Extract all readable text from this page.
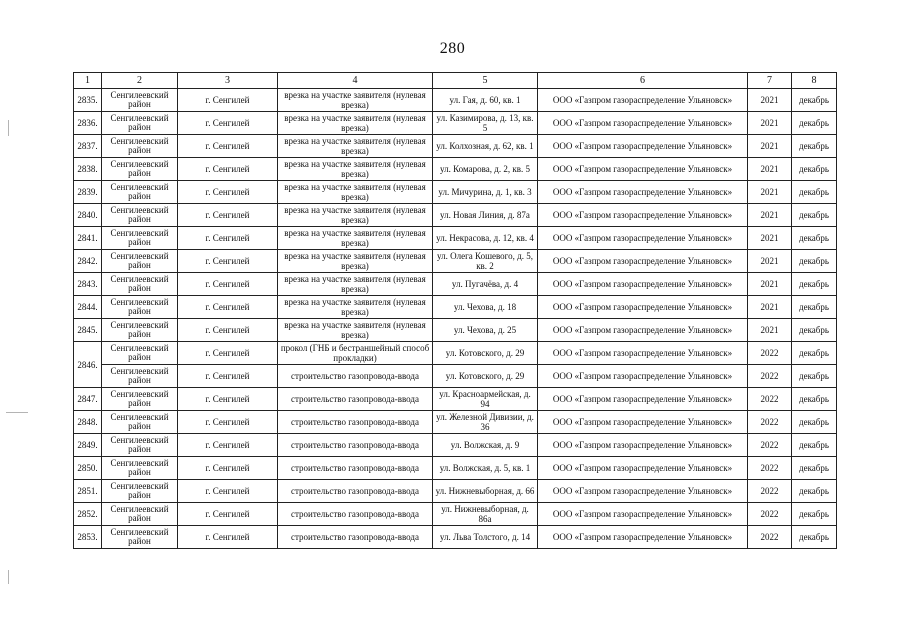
280
1	2	3	4	5	6	7	8
2835.	Сенгилеевский район	г. Сенгилей	врезка на участке заявителя (нулевая врезка)	ул. Гая, д. 60, кв. 1	ООО «Газпром газораспределение Ульяновск»	2021	декабрь
2836.	Сенгилеевский район	г. Сенгилей	врезка на участке заявителя (нулевая врезка)	ул. Казимирова, д. 13, кв. 5	ООО «Газпром газораспределение Ульяновск»	2021	декабрь
2837.	Сенгилеевский район	г. Сенгилей	врезка на участке заявителя (нулевая врезка)	ул. Колхозная, д. 62, кв. 1	ООО «Газпром газораспределение Ульяновск»	2021	декабрь
2838.	Сенгилеевский район	г. Сенгилей	врезка на участке заявителя (нулевая врезка)	ул. Комарова, д. 2, кв. 5	ООО «Газпром газораспределение Ульяновск»	2021	декабрь
2839.	Сенгилеевский район	г. Сенгилей	врезка на участке заявителя (нулевая врезка)	ул. Мичурина, д. 1, кв. 3	ООО «Газпром газораспределение Ульяновск»	2021	декабрь
2840.	Сенгилеевский район	г. Сенгилей	врезка на участке заявителя (нулевая врезка)	ул. Новая Линия, д. 87а	ООО «Газпром газораспределение Ульяновск»	2021	декабрь
2841.	Сенгилеевский район	г. Сенгилей	врезка на участке заявителя (нулевая врезка)	ул. Некрасова, д. 12, кв. 4	ООО «Газпром газораспределение Ульяновск»	2021	декабрь
2842.	Сенгилеевский район	г. Сенгилей	врезка на участке заявителя (нулевая врезка)	ул. Олега Кошевого, д. 5, кв. 2	ООО «Газпром газораспределение Ульяновск»	2021	декабрь
2843.	Сенгилеевский район	г. Сенгилей	врезка на участке заявителя (нулевая врезка)	ул. Пугачёва, д. 4	ООО «Газпром газораспределение Ульяновск»	2021	декабрь
2844.	Сенгилеевский район	г. Сенгилей	врезка на участке заявителя (нулевая врезка)	ул. Чехова, д. 18	ООО «Газпром газораспределение Ульяновск»	2021	декабрь
2845.	Сенгилеевский район	г. Сенгилей	врезка на участке заявителя (нулевая врезка)	ул. Чехова, д. 25	ООО «Газпром газораспределение Ульяновск»	2021	декабрь
2846.	Сенгилеевский район	г. Сенгилей	прокол (ГНБ и бестраншейный способ прокладки)	ул. Котовского, д. 29	ООО «Газпром газораспределение Ульяновск»	2022	декабрь
	Сенгилеевский район	г. Сенгилей	строительство газопровода-ввода	ул. Котовского, д. 29	ООО «Газпром газораспределение Ульяновск»	2022	декабрь
2847.	Сенгилеевский район	г. Сенгилей	строительство газопровода-ввода	ул. Красноармейская, д. 94	ООО «Газпром газораспределение Ульяновск»	2022	декабрь
2848.	Сенгилеевский район	г. Сенгилей	строительство газопровода-ввода	ул. Железной Дивизии, д. 36	ООО «Газпром газораспределение Ульяновск»	2022	декабрь
2849.	Сенгилеевский район	г. Сенгилей	строительство газопровода-ввода	ул. Волжская, д. 9	ООО «Газпром газораспределение Ульяновск»	2022	декабрь
2850.	Сенгилеевский район	г. Сенгилей	строительство газопровода-ввода	ул. Волжская, д. 5, кв. 1	ООО «Газпром газораспределение Ульяновск»	2022	декабрь
2851.	Сенгилеевский район	г. Сенгилей	строительство газопровода-ввода	ул. Нижневыборная, д. 66	ООО «Газпром газораспределение Ульяновск»	2022	декабрь
2852.	Сенгилеевский район	г. Сенгилей	строительство газопровода-ввода	ул. Нижневыборная, д. 86а	ООО «Газпром газораспределение Ульяновск»	2022	декабрь
2853.	Сенгилеевский район	г. Сенгилей	строительство газопровода-ввода	ул. Льва Толстого, д. 14	ООО «Газпром газораспределение Ульяновск»	2022	декабрь
